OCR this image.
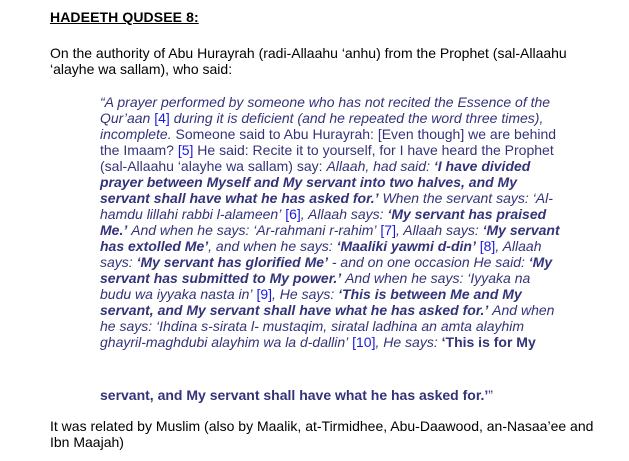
HADEETH QUDSEE 8:
On the authority of Abu Hurayrah (radi-Allaahu ‘anhu) from the Prophet (sal-Allaahu ‘alayhe wa sallam), who said:
“A prayer performed by someone who has not recited the Essence of the Qur’aan [4] during it is deficient (and he repeated the word three times), incomplete. Someone said to Abu Hurayrah: [Even though] we are behind the Imaam? [5] He said: Recite it to yourself, for I have heard the Prophet (sal-Allaahu ‘alayhe wa sallam) say: Allaah, had said: ‘I have divided prayer between Myself and My servant into two halves, and My servant shall have what he has asked for.’ When the servant says: ‘Al-hamdu lillahi rabbi l-alameen’ [6], Allaah says: ‘My servant has praised Me.’ And when he says: ‘Ar-rahmani r-rahim’ [7], Allaah says: ‘My servant has extolled Me’, and when he says: ‘Maaliki yawmi d-din’ [8], Allaah says: ‘My servant has glorified Me’ - and on one occasion He said: ‘My servant has submitted to My power.’ And when he says: ‘Iyyaka na budu wa iyyaka nasta in’ [9], He says: ‘This is between Me and My servant, and My servant shall have what he has asked for.’ And when he says: ‘Ihdina s-sirata l- mustaqim, siratal ladhina an amta alayhim ghayril-maghdubi alayhim wa la d-dallin’ [10], He says: ‘This is for My
servant, and My servant shall have what he has asked for.’”
It was related by Muslim (also by Maalik, at-Tirmidhee, Abu-Daawood, an-Nasaa’ee and Ibn Maajah)
